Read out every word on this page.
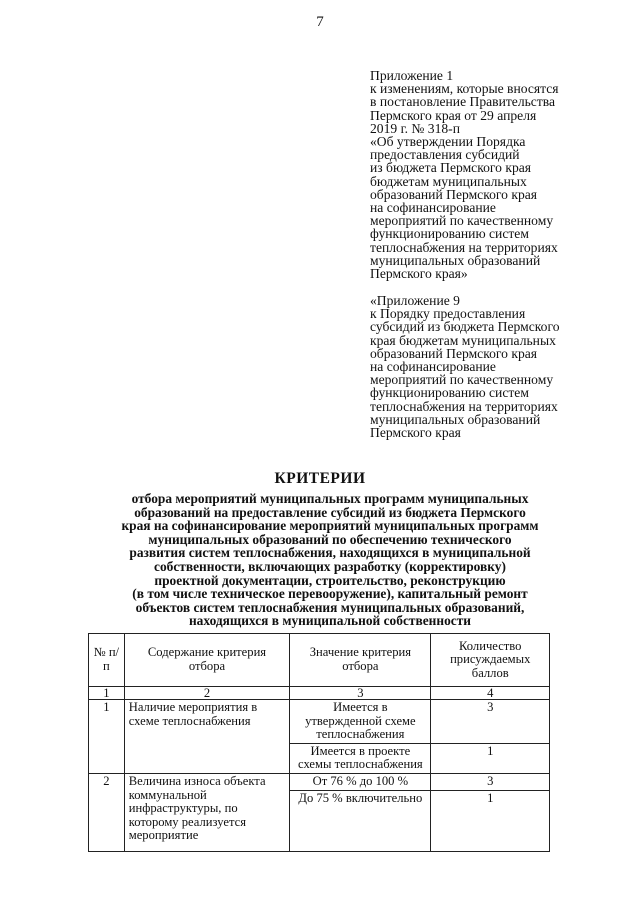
7
Приложение 1
к изменениям, которые вносятся
в постановление Правительства
Пермского края от 29 апреля
2019 г. № 318-п
«Об утверждении Порядка
предоставления субсидий
из бюджета Пермского края
бюджетам муниципальных
образований Пермского края
на софинансирование
мероприятий по качественному
функционированию систем
теплоснабжения на территориях
муниципальных образований
Пермского края»
«Приложение 9
к Порядку предоставления
субсидий из бюджета Пермского
края бюджетам муниципальных
образований Пермского края
на софинансирование
мероприятий по качественному
функционированию систем
теплоснабжения на территориях
муниципальных образований
Пермского края
КРИТЕРИИ
отбора мероприятий муниципальных программ муниципальных
образований на предоставление субсидий из бюджета Пермского
края на софинансирование мероприятий муниципальных программ
муниципальных образований по обеспечению технического
развития систем теплоснабжения, находящихся в муниципальной
собственности, включающих разработку (корректировку)
проектной документации, строительство, реконструкцию
(в том числе техническое перевооружение), капитальный ремонт
объектов систем теплоснабжения муниципальных образований,
находящихся в муниципальной собственности
№ п/п	Содержание критерия отбора	Значение критерия отбора	Количество присуждаемых баллов
1	2	3	4
1	Наличие мероприятия в схеме теплоснабжения	Имеется в утвержденной схеме теплоснабжения	3
		Имеется в проекте схемы теплоснабжения	1
2	Величина износа объекта коммунальной инфраструктуры, по которому реализуется мероприятие	От 76 % до 100 %	3
		До 75 % включительно	1
